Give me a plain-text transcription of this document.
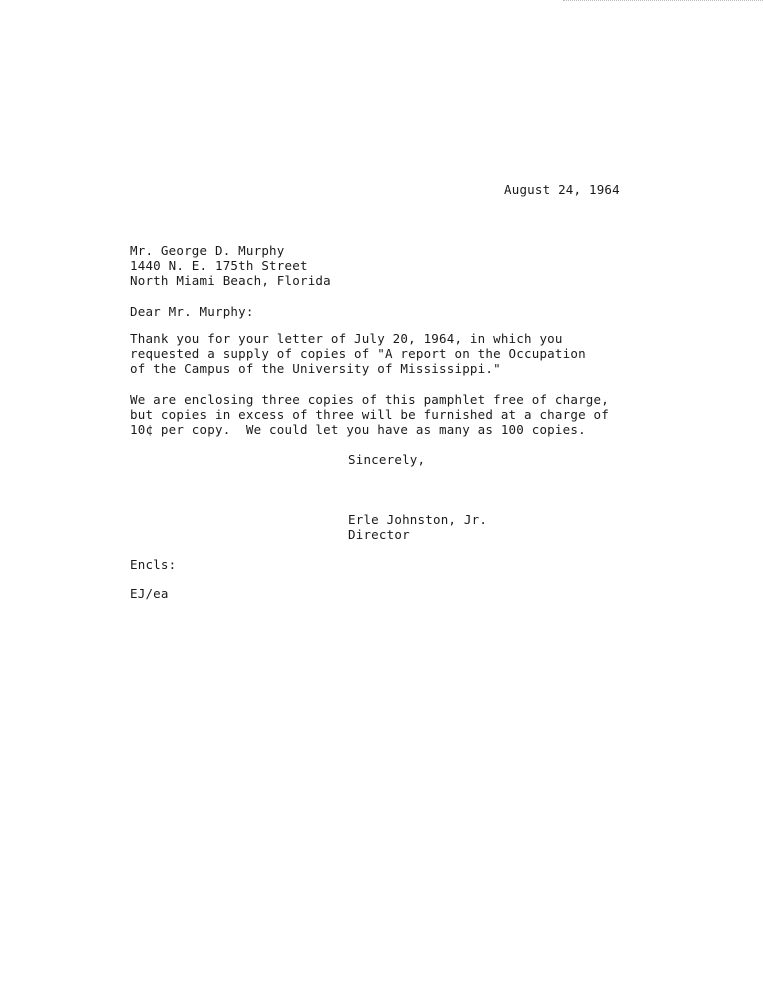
August 24, 1964
Mr. George D. Murphy
1440 N. E. 175th Street
North Miami Beach, Florida
Dear Mr. Murphy:
Thank you for your letter of July 20, 1964, in which you
requested a supply of copies of "A report on the Occupation
of the Campus of the University of Mississippi."
We are enclosing three copies of this pamphlet free of charge,
but copies in excess of three will be furnished at a charge of
10¢ per copy.  We could let you have as many as 100 copies.
Sincerely,
Erle Johnston, Jr.
Director
Encls:
EJ/ea
